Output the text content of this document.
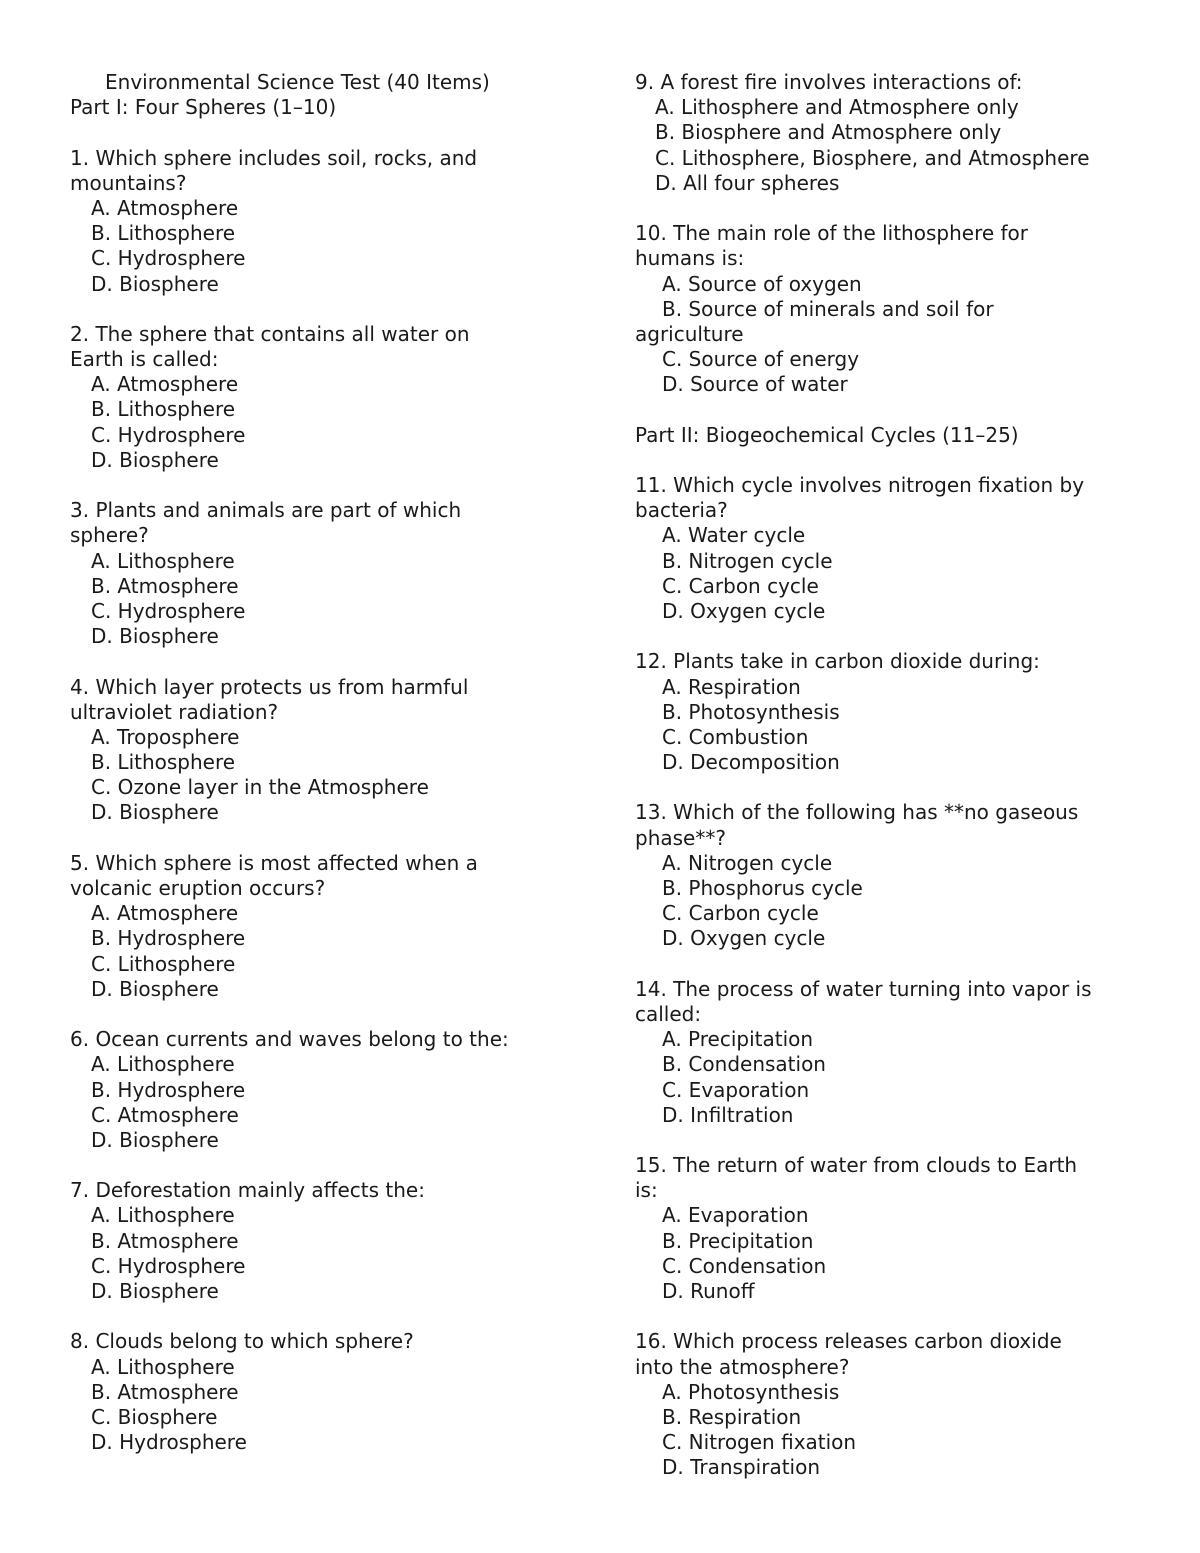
Environmental Science Test (40 Items)
Part I: Four Spheres (1–10)
1. Which sphere includes soil, rocks, and
mountains?
A. Atmosphere
B. Lithosphere
C. Hydrosphere
D. Biosphere
2. The sphere that contains all water on
Earth is called:
A. Atmosphere
B. Lithosphere
C. Hydrosphere
D. Biosphere
3. Plants and animals are part of which
sphere?
A. Lithosphere
B. Atmosphere
C. Hydrosphere
D. Biosphere
4. Which layer protects us from harmful
ultraviolet radiation?
A. Troposphere
B. Lithosphere
C. Ozone layer in the Atmosphere
D. Biosphere
5. Which sphere is most affected when a
volcanic eruption occurs?
A. Atmosphere
B. Hydrosphere
C. Lithosphere
D. Biosphere
6. Ocean currents and waves belong to the:
A. Lithosphere
B. Hydrosphere
C. Atmosphere
D. Biosphere
7. Deforestation mainly affects the:
A. Lithosphere
B. Atmosphere
C. Hydrosphere
D. Biosphere
8. Clouds belong to which sphere?
A. Lithosphere
B. Atmosphere
C. Biosphere
D. Hydrosphere
9. A forest fire involves interactions of:
A. Lithosphere and Atmosphere only
B. Biosphere and Atmosphere only
C. Lithosphere, Biosphere, and Atmosphere
D. All four spheres
10. The main role of the lithosphere for
humans is:
A. Source of oxygen
B. Source of minerals and soil for
agriculture
C. Source of energy
D. Source of water
Part II: Biogeochemical Cycles (11–25)
11. Which cycle involves nitrogen fixation by
bacteria?
A. Water cycle
B. Nitrogen cycle
C. Carbon cycle
D. Oxygen cycle
12. Plants take in carbon dioxide during:
A. Respiration
B. Photosynthesis
C. Combustion
D. Decomposition
13. Which of the following has **no gaseous
phase**?
A. Nitrogen cycle
B. Phosphorus cycle
C. Carbon cycle
D. Oxygen cycle
14. The process of water turning into vapor is
called:
A. Precipitation
B. Condensation
C. Evaporation
D. Infiltration
15. The return of water from clouds to Earth
is:
A. Evaporation
B. Precipitation
C. Condensation
D. Runoff
16. Which process releases carbon dioxide
into the atmosphere?
A. Photosynthesis
B. Respiration
C. Nitrogen fixation
D. Transpiration
